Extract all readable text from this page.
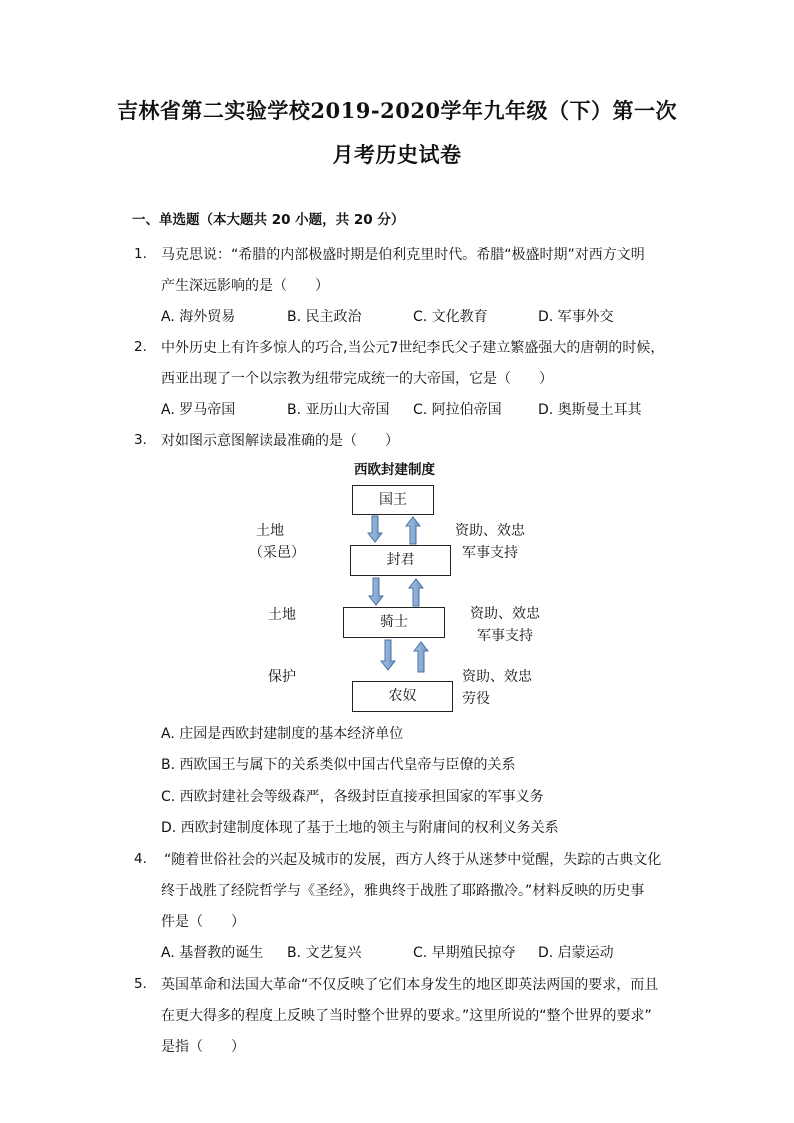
吉林省第二实验学校2019-2020学年九年级（下）第一次
月考历史试卷
一、单选题（本大题共 20 小题，共 20 分）
1. 马克思说：“希腊的内部极盛时期是伯利克里时代。希腊“极盛时期”对西方文明
产生深远影响的是（　　）
A. 海外贸易	B. 民主政治	C. 文化教育	D. 军事外交
2. 中外历史上有许多惊人的巧合,当公元7世纪李氏父子建立繁盛强大的唐朝的时候，
西亚出现了一个以宗教为纽带完成统一的大帝国，它是（　　）
A. 罗马帝国	B. 亚历山大帝国 C. 阿拉伯帝国	D. 奥斯曼土耳其
3. 对如图示意图解读最准确的是（　　）
西欧封建制度
国王
封君
骑士
农奴
土地
（采邑）
土地
保护
资助、效忠
军事支持
资助、效忠
军事支持
资助、效忠
劳役
A. 庄园是西欧封建制度的基本经济单位
B. 西欧国王与属下的关系类似中国古代皇帝与臣僚的关系
C. 西欧封建社会等级森严，各级封臣直接承担国家的军事义务
D. 西欧封建制度体现了基于土地的领主与附庸间的权利义务关系
4. “随着世俗社会的兴起及城市的发展，西方人终于从迷梦中觉醒，失踪的古典文化
终于战胜了经院哲学与《圣经》，雅典终于战胜了耶路撒冷。”材料反映的历史事
件是（　　）
A. 基督教的诞生 B. 文艺复兴	C. 早期殖民掠夺 D. 启蒙运动
5. 英国革命和法国大革命“不仅反映了它们本身发生的地区即英法两国的要求，而且
在更大得多的程度上反映了当时整个世界的要求。”这里所说的“整个世界的要求”
是指（　　）
